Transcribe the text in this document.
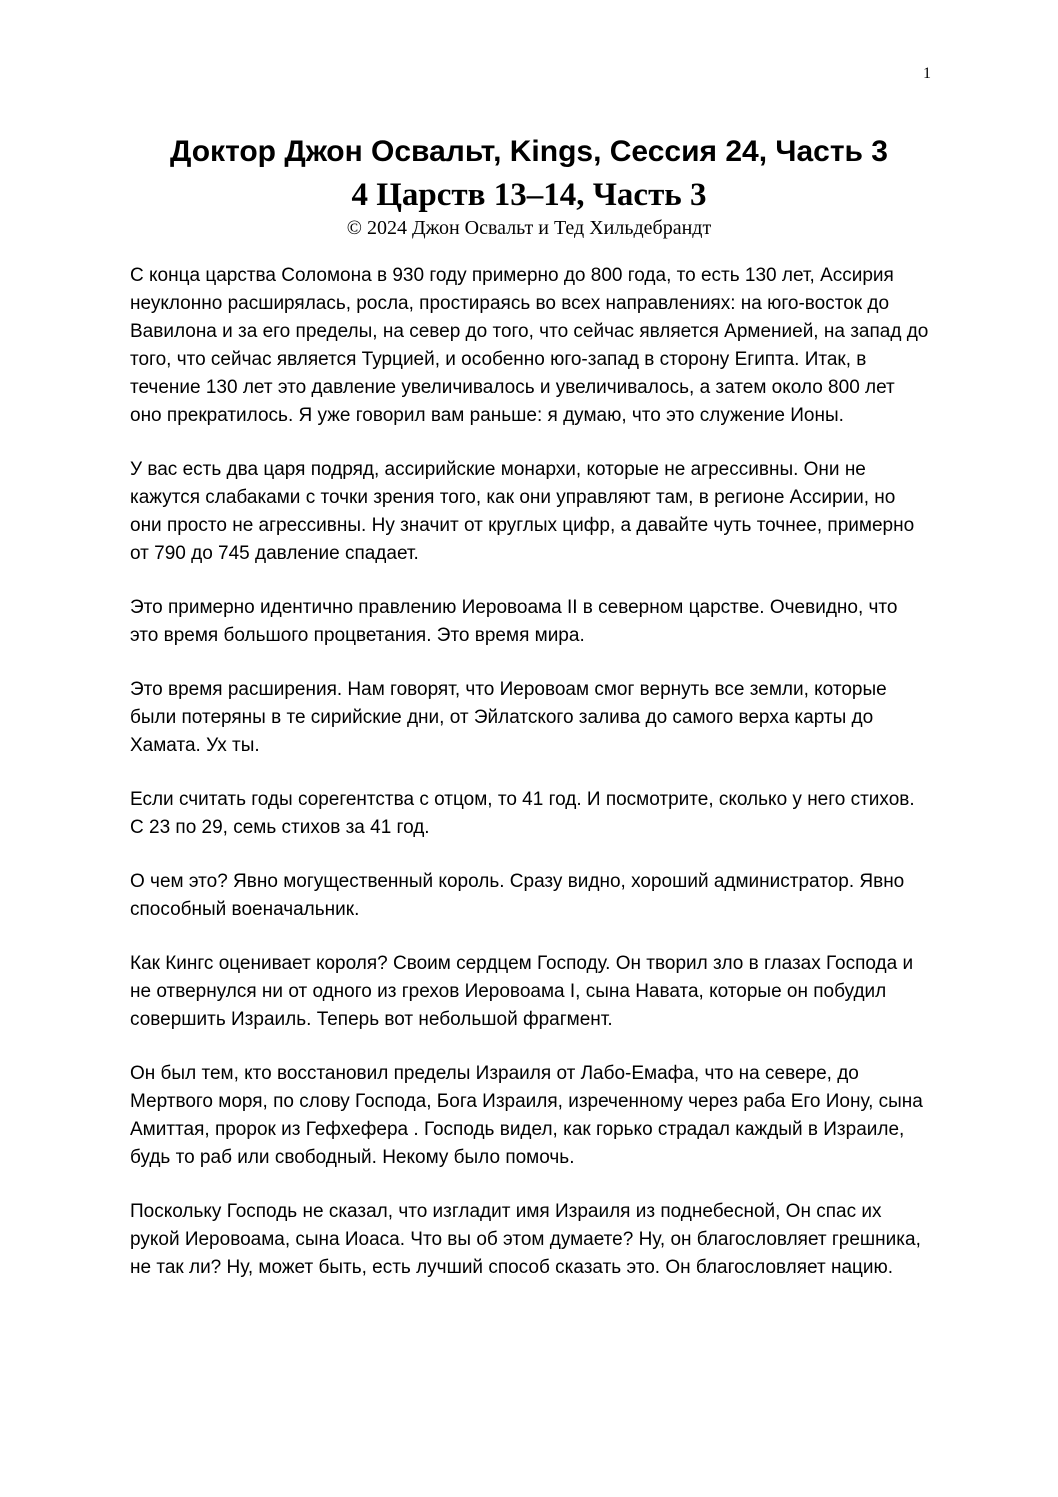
1
Доктор Джон Освальт, Kings, Сессия 24, Часть 3
4 Царств 13–14, Часть 3
© 2024 Джон Освальт и Тед Хильдебрандт

С конца царства Соломона в 930 году примерно до 800 года, то есть 130 лет, Ассирия неуклонно расширялась, росла, простираясь во всех направлениях: на юго-восток до Вавилона и за его пределы, на север до того, что сейчас является Арменией, на запад до того, что сейчас является Турцией, и особенно юго-запад в сторону Египта. Итак, в течение 130 лет это давление увеличивалось и увеличивалось, а затем около 800 лет оно прекратилось. Я уже говорил вам раньше: я думаю, что это служение Ионы.

У вас есть два царя подряд, ассирийские монархи, которые не агрессивны. Они не кажутся слабаками с точки зрения того, как они управляют там, в регионе Ассирии, но они просто не агрессивны. Ну значит от круглых цифр, а давайте чуть точнее, примерно от 790 до 745 давление спадает.

Это примерно идентично правлению Иеровоама II в северном царстве. Очевидно, что это время большого процветания. Это время мира.

Это время расширения. Нам говорят, что Иеровоам смог вернуть все земли, которые были потеряны в те сирийские дни, от Эйлатского залива до самого верха карты до Хамата. Ух ты.

Если считать годы сорегентства с отцом, то 41 год. И посмотрите, сколько у него стихов. С 23 по 29, семь стихов за 41 год.

О чем это? Явно могущественный король. Сразу видно, хороший администратор. Явно способный военачальник.

Как Кингс оценивает короля? Своим сердцем Господу. Он творил зло в глазах Господа и не отвернулся ни от одного из грехов Иеровоама I, сына Навата, которые он побудил совершить Израиль. Теперь вот небольшой фрагмент.

Он был тем, кто восстановил пределы Израиля от Лабо-Емафа, что на севере, до Мертвого моря, по слову Господа, Бога Израиля, изреченному через раба Его Иону, сына Амиттая, пророк из Гефхефера . Господь видел, как горько страдал каждый в Израиле, будь то раб или свободный. Некому было помочь.

Поскольку Господь не сказал, что изгладит имя Израиля из поднебесной, Он спас их рукой Иеровоама, сына Иоаса. Что вы об этом думаете? Ну, он благословляет грешника, не так ли? Ну, может быть, есть лучший способ сказать это. Он благословляет нацию.
